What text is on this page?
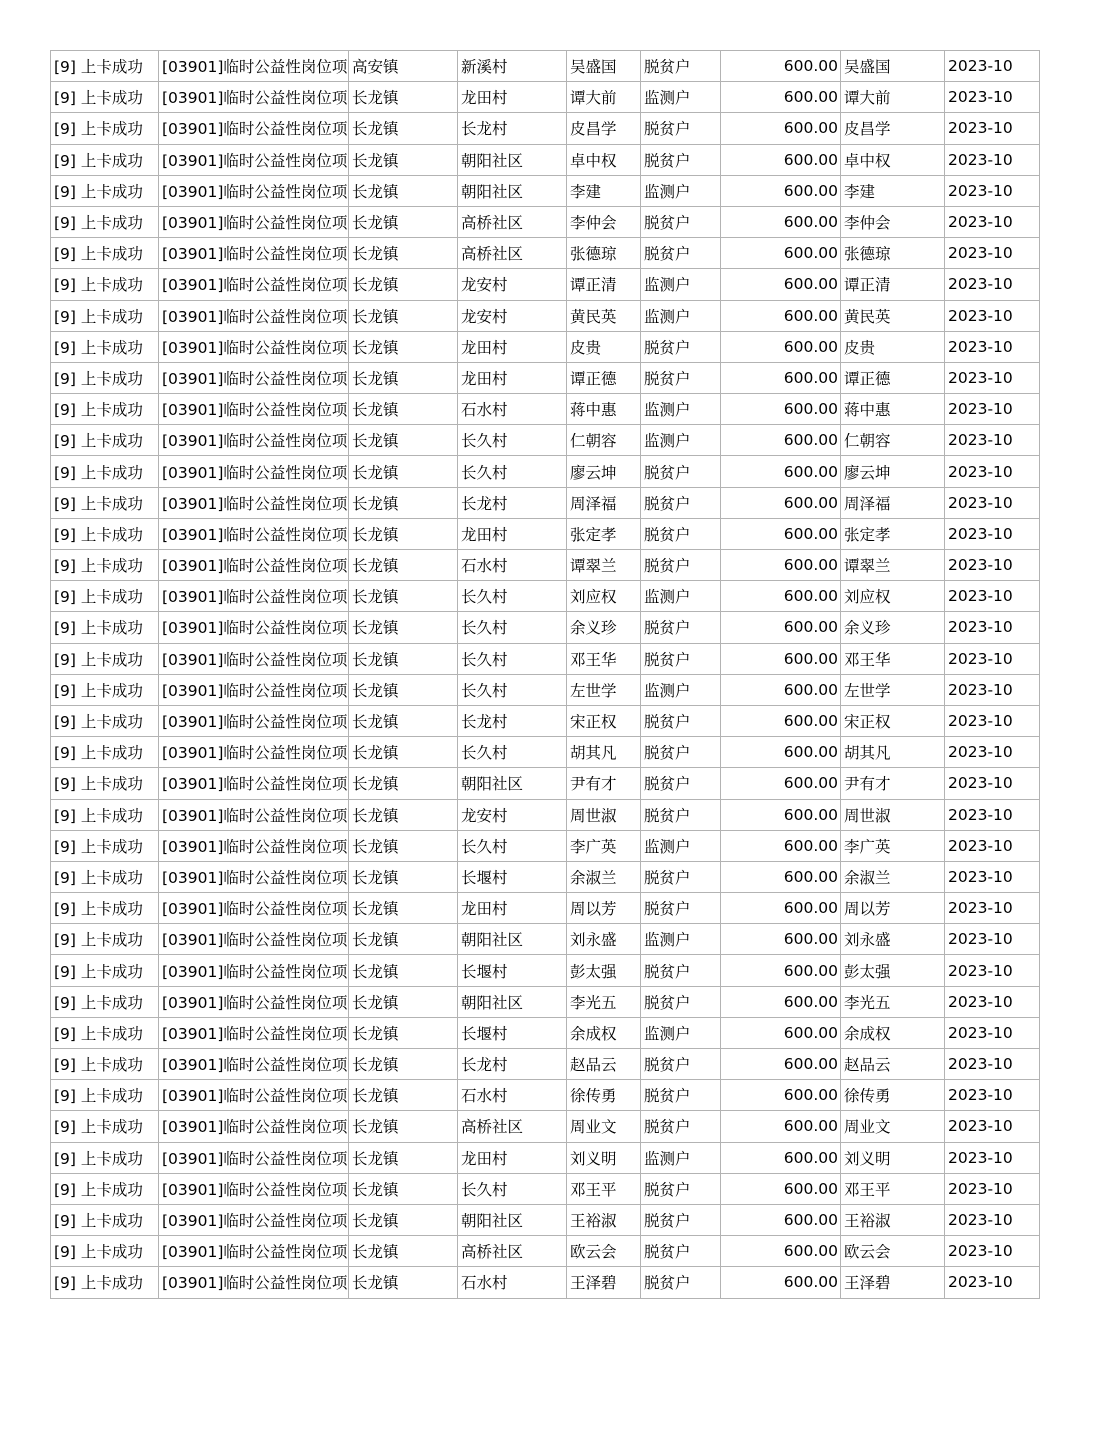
[9] 上卡成功	[03901]临时公益性岗位项	高安镇	新溪村	吴盛国	脱贫户	600.00	吴盛国	2023-10
[9] 上卡成功	[03901]临时公益性岗位项	长龙镇	龙田村	谭大前	监测户	600.00	谭大前	2023-10
[9] 上卡成功	[03901]临时公益性岗位项	长龙镇	长龙村	皮昌学	脱贫户	600.00	皮昌学	2023-10
[9] 上卡成功	[03901]临时公益性岗位项	长龙镇	朝阳社区	卓中权	脱贫户	600.00	卓中权	2023-10
[9] 上卡成功	[03901]临时公益性岗位项	长龙镇	朝阳社区	李建	监测户	600.00	李建	2023-10
[9] 上卡成功	[03901]临时公益性岗位项	长龙镇	高桥社区	李仲会	脱贫户	600.00	李仲会	2023-10
[9] 上卡成功	[03901]临时公益性岗位项	长龙镇	高桥社区	张德琼	脱贫户	600.00	张德琼	2023-10
[9] 上卡成功	[03901]临时公益性岗位项	长龙镇	龙安村	谭正清	监测户	600.00	谭正清	2023-10
[9] 上卡成功	[03901]临时公益性岗位项	长龙镇	龙安村	黄民英	监测户	600.00	黄民英	2023-10
[9] 上卡成功	[03901]临时公益性岗位项	长龙镇	龙田村	皮贵	脱贫户	600.00	皮贵	2023-10
[9] 上卡成功	[03901]临时公益性岗位项	长龙镇	龙田村	谭正德	脱贫户	600.00	谭正德	2023-10
[9] 上卡成功	[03901]临时公益性岗位项	长龙镇	石水村	蒋中惠	监测户	600.00	蒋中惠	2023-10
[9] 上卡成功	[03901]临时公益性岗位项	长龙镇	长久村	仁朝容	监测户	600.00	仁朝容	2023-10
[9] 上卡成功	[03901]临时公益性岗位项	长龙镇	长久村	廖云坤	脱贫户	600.00	廖云坤	2023-10
[9] 上卡成功	[03901]临时公益性岗位项	长龙镇	长龙村	周泽福	脱贫户	600.00	周泽福	2023-10
[9] 上卡成功	[03901]临时公益性岗位项	长龙镇	龙田村	张定孝	脱贫户	600.00	张定孝	2023-10
[9] 上卡成功	[03901]临时公益性岗位项	长龙镇	石水村	谭翠兰	脱贫户	600.00	谭翠兰	2023-10
[9] 上卡成功	[03901]临时公益性岗位项	长龙镇	长久村	刘应权	监测户	600.00	刘应权	2023-10
[9] 上卡成功	[03901]临时公益性岗位项	长龙镇	长久村	余义珍	脱贫户	600.00	余义珍	2023-10
[9] 上卡成功	[03901]临时公益性岗位项	长龙镇	长久村	邓王华	脱贫户	600.00	邓王华	2023-10
[9] 上卡成功	[03901]临时公益性岗位项	长龙镇	长久村	左世学	监测户	600.00	左世学	2023-10
[9] 上卡成功	[03901]临时公益性岗位项	长龙镇	长龙村	宋正权	脱贫户	600.00	宋正权	2023-10
[9] 上卡成功	[03901]临时公益性岗位项	长龙镇	长久村	胡其凡	脱贫户	600.00	胡其凡	2023-10
[9] 上卡成功	[03901]临时公益性岗位项	长龙镇	朝阳社区	尹有才	脱贫户	600.00	尹有才	2023-10
[9] 上卡成功	[03901]临时公益性岗位项	长龙镇	龙安村	周世淑	脱贫户	600.00	周世淑	2023-10
[9] 上卡成功	[03901]临时公益性岗位项	长龙镇	长久村	李广英	监测户	600.00	李广英	2023-10
[9] 上卡成功	[03901]临时公益性岗位项	长龙镇	长堰村	余淑兰	脱贫户	600.00	余淑兰	2023-10
[9] 上卡成功	[03901]临时公益性岗位项	长龙镇	龙田村	周以芳	脱贫户	600.00	周以芳	2023-10
[9] 上卡成功	[03901]临时公益性岗位项	长龙镇	朝阳社区	刘永盛	监测户	600.00	刘永盛	2023-10
[9] 上卡成功	[03901]临时公益性岗位项	长龙镇	长堰村	彭太强	脱贫户	600.00	彭太强	2023-10
[9] 上卡成功	[03901]临时公益性岗位项	长龙镇	朝阳社区	李光五	脱贫户	600.00	李光五	2023-10
[9] 上卡成功	[03901]临时公益性岗位项	长龙镇	长堰村	余成权	监测户	600.00	余成权	2023-10
[9] 上卡成功	[03901]临时公益性岗位项	长龙镇	长龙村	赵品云	脱贫户	600.00	赵品云	2023-10
[9] 上卡成功	[03901]临时公益性岗位项	长龙镇	石水村	徐传勇	脱贫户	600.00	徐传勇	2023-10
[9] 上卡成功	[03901]临时公益性岗位项	长龙镇	高桥社区	周业文	脱贫户	600.00	周业文	2023-10
[9] 上卡成功	[03901]临时公益性岗位项	长龙镇	龙田村	刘义明	监测户	600.00	刘义明	2023-10
[9] 上卡成功	[03901]临时公益性岗位项	长龙镇	长久村	邓王平	脱贫户	600.00	邓王平	2023-10
[9] 上卡成功	[03901]临时公益性岗位项	长龙镇	朝阳社区	王裕淑	脱贫户	600.00	王裕淑	2023-10
[9] 上卡成功	[03901]临时公益性岗位项	长龙镇	高桥社区	欧云会	脱贫户	600.00	欧云会	2023-10
[9] 上卡成功	[03901]临时公益性岗位项	长龙镇	石水村	王泽碧	脱贫户	600.00	王泽碧	2023-10
